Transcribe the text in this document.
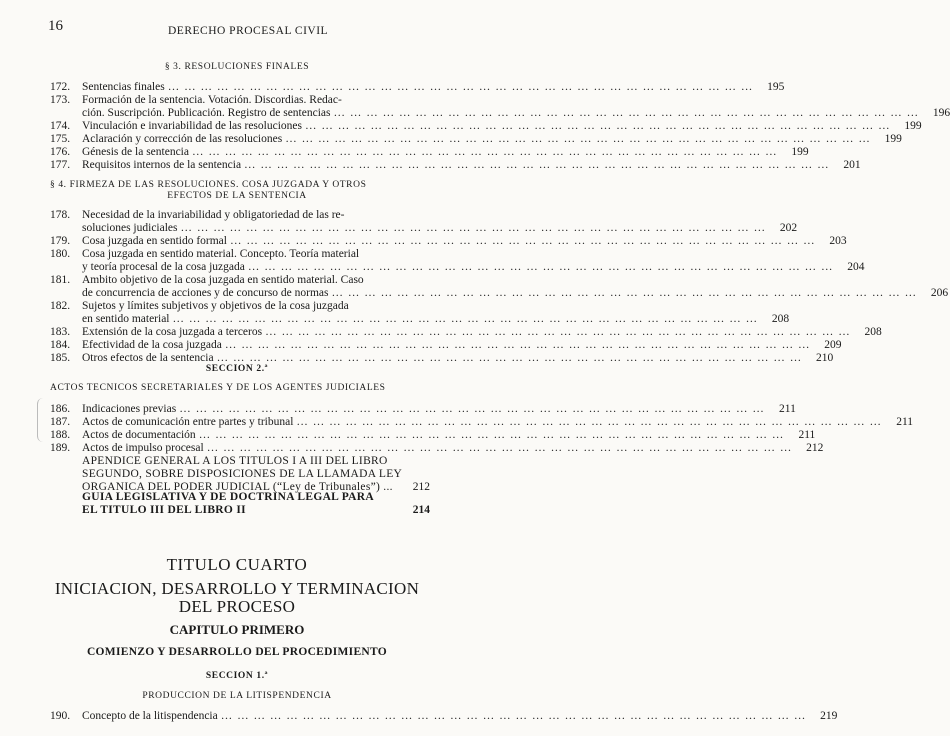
16	DERECHO PROCESAL CIVIL
§ 3. RESOLUCIONES FINALES
172.	Sentencias finales … … … … … … … … … … … … … … … … … … … … … … … … … … … … … … … … … … … …	195
173.	Formación de la sentencia. Votación. Discordias. Redac-
ción. Suscripción. Publicación. Registro de sentencias … … … … … … … … … … … … … … … … … … … … … … … … … … … … … … … … … … … …	196
174.	Vinculación e invariabilidad de las resoluciones … … … … … … … … … … … … … … … … … … … … … … … … … … … … … … … … … … … …	199
175.	Aclaración y corrección de las resoluciones … … … … … … … … … … … … … … … … … … … … … … … … … … … … … … … … … … … …	199
176.	Génesis de la sentencia … … … … … … … … … … … … … … … … … … … … … … … … … … … … … … … … … … … …	199
177.	Requisitos internos de la sentencia … … … … … … … … … … … … … … … … … … … … … … … … … … … … … … … … … … … …	201
§ 4. FIRMEZA DE LAS RESOLUCIONES. COSA JUZGADA Y OTROS
EFECTOS DE LA SENTENCIA
178.	Necesidad de la invariabilidad y obligatoriedad de las re-
soluciones judiciales … … … … … … … … … … … … … … … … … … … … … … … … … … … … … … … … … … … …	202
179.	Cosa juzgada en sentido formal … … … … … … … … … … … … … … … … … … … … … … … … … … … … … … … … … … … …	203
180.	Cosa juzgada en sentido material. Concepto. Teoría material
y teoría procesal de la cosa juzgada … … … … … … … … … … … … … … … … … … … … … … … … … … … … … … … … … … … …	204
181.	Ambito objetivo de la cosa juzgada en sentido material. Caso
de concurrencia de acciones y de concurso de normas … … … … … … … … … … … … … … … … … … … … … … … … … … … … … … … … … … … …	206
182.	Sujetos y límites subjetivos y objetivos de la cosa juzgada
en sentido material … … … … … … … … … … … … … … … … … … … … … … … … … … … … … … … … … … … …	208
183.	Extensión de la cosa juzgada a terceros … … … … … … … … … … … … … … … … … … … … … … … … … … … … … … … … … … … …	208
184.	Efectividad de la cosa juzgada … … … … … … … … … … … … … … … … … … … … … … … … … … … … … … … … … … … …	209
185.	Otros efectos de la sentencia … … … … … … … … … … … … … … … … … … … … … … … … … … … … … … … … … … … …	210
SECCION 2.ª
ACTOS TECNICOS SECRETARIALES Y DE LOS AGENTES JUDICIALES
186.	Indicaciones previas … … … … … … … … … … … … … … … … … … … … … … … … … … … … … … … … … … … …	211
187.	Actos de comunicación entre partes y tribunal … … … … … … … … … … … … … … … … … … … … … … … … … … … … … … … … … … … …	211
188.	Actos de documentación … … … … … … … … … … … … … … … … … … … … … … … … … … … … … … … … … … … …	211
189.	Actos de impulso procesal … … … … … … … … … … … … … … … … … … … … … … … … … … … … … … … … … … … …	212
APENDICE GENERAL A LOS TITULOS I A III DEL LIBRO
SEGUNDO, SOBRE DISPOSICIONES DE LA LLAMADA LEY
ORGANICA DEL PODER JUDICIAL (“Ley de Tribunales”) ...	212
GUIA LEGISLATIVA Y DE DOCTRINA LEGAL PARA
EL TITULO III DEL LIBRO II	214
TITULO CUARTO
INICIACION, DESARROLLO Y TERMINACION
DEL PROCESO
CAPITULO PRIMERO
COMIENZO Y DESARROLLO DEL PROCEDIMIENTO
SECCION 1.ª
PRODUCCION DE LA LITISPENDENCIA
190.	Concepto de la litispendencia … … … … … … … … … … … … … … … … … … … … … … … … … … … … … … … … … … … …	219
